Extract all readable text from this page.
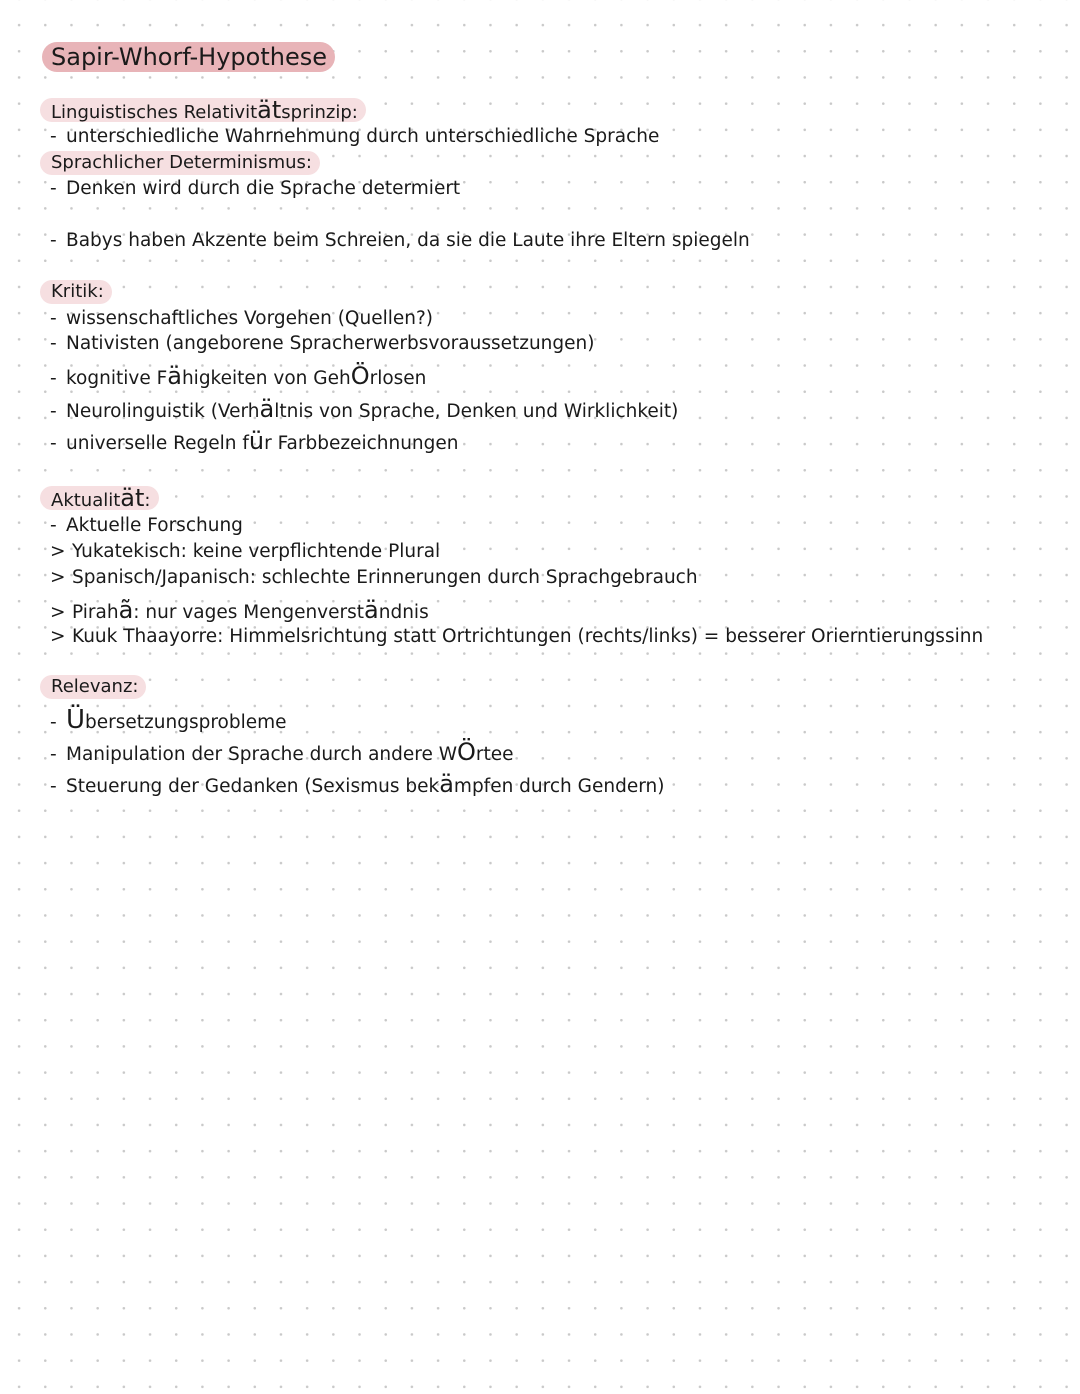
Sapir-Whorf-Hypothese
Linguistisches Relativitätsprinzip:
- unterschiedliche Wahrnehmung durch unterschiedliche Sprache
Sprachlicher Determinismus:
- Denken wird durch die Sprache determiert
- Babys haben Akzente beim Schreien, da sie die Laute ihre Eltern spiegeln
Kritik:
- wissenschaftliches Vorgehen (Quellen?)
- Nativisten (angeborene Spracherwerbsvoraussetzungen)
- kognitive Fähigkeiten von GehÖrlosen
- Neurolinguistik (Verhältnis von Sprache, Denken und Wirklichkeit)
- universelle Regeln für Farbbezeichnungen
Aktualität:
- Aktuelle Forschung
> Yukatekisch: keine verpflichtende Plural
> Spanisch/Japanisch: schlechte Erinnerungen durch Sprachgebrauch
> Pirahã: nur vages Mengenverständnis
> Kuuk Thaayorre: Himmelsrichtung statt Ortrichtungen (rechts/links) = besserer Orierntierungssinn
Relevanz:
- Übersetzungsprobleme
- Manipulation der Sprache durch andere WÖrtee
- Steuerung der Gedanken (Sexismus bekämpfen durch Gendern)
